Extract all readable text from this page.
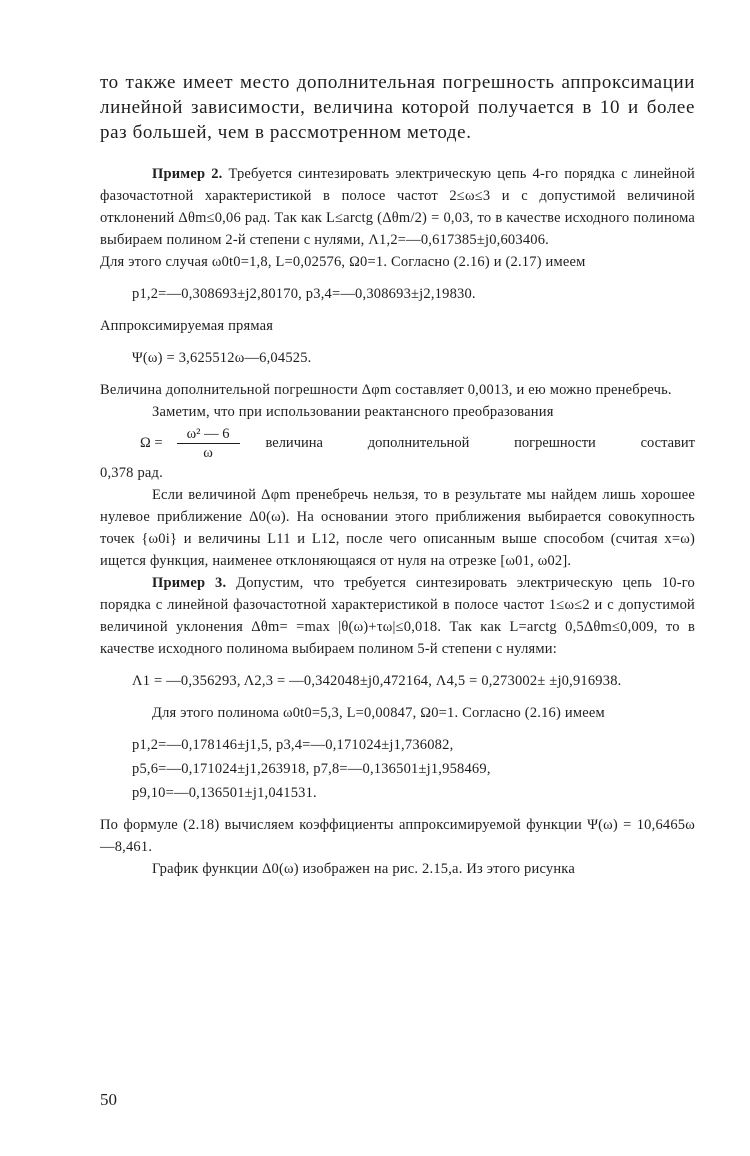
то также имеет место дополнительная погрешность аппроксимации линейной зависимости, величина которой получается в 10 и более раз большей, чем в рассмотренном методе.

Пример 2. Требуется синтезировать электрическую цепь 4-го порядка с линейной фазочастотной характеристикой в полосе частот 2≤ω≤3 и с допустимой величиной отклонений Δθm≤0,06 рад. Так как L≤arctg (Δθm/2) = 0,03, то в качестве исходного полинома выбираем полином 2-й степени с нулями, Λ1,2=—0,617385±j0,603406.

Для этого случая ω0t0=1,8, L=0,02576, Ω0=1. Согласно (2.16) и (2.17) имеем

p1,2=—0,308693±j2,80170, p3,4=—0,308693±j2,19830.

Аппроксимируемая прямая

Ψ(ω) = 3,625512ω—6,04525.

Величина дополнительной погрешности Δφm составляет 0,0013, и ею можно пренебречь.

Заметим, что при использовании реактансного преобразования

$\Omega = \frac{\text{ω² — 6}}{\omega}$ величина	дополнительной	погрешности	составит

0,378 рад.

Если величиной Δφm пренебречь нельзя, то в результате мы найдем лишь хорошее нулевое приближение Δ0(ω). На основании этого приближения выбирается совокупность точек {ω0i} и величины L11 и L12, после чего описанным выше способом (считая x=ω) ищется функция, наименее отклоняющаяся от нуля на отрезке [ω01, ω02].

Пример 3. Допустим, что требуется синтезировать электрическую цепь 10-го порядка с линейной фазочастотной характеристикой в полосе частот 1≤ω≤2 и с допустимой величиной уклонения Δθm= =max |θ(ω)+τω|≤0,018. Так как L=arctg 0,5Δθm≤0,009, то в качестве исходного полинома выбираем полином 5-й степени с нулями:

Λ1 = —0,356293, Λ2,3 = —0,342048±j0,472164, Λ4,5 = 0,273002± ±j0,916938.

Для этого полинома ω0t0=5,3, L=0,00847, Ω0=1. Согласно (2.16) имеем

p1,2=—0,178146±j1,5, p3,4=—0,171024±j1,736082,
p5,6=—0,171024±j1,263918, p7,8=—0,136501±j1,958469,
p9,10=—0,136501±j1,041531.

По формуле (2.18) вычисляем коэффициенты аппроксимируемой функции Ψ(ω) = 10,6465ω—8,461.

График функции Δ0(ω) изображен на рис. 2.15,а. Из этого рисунка

50
